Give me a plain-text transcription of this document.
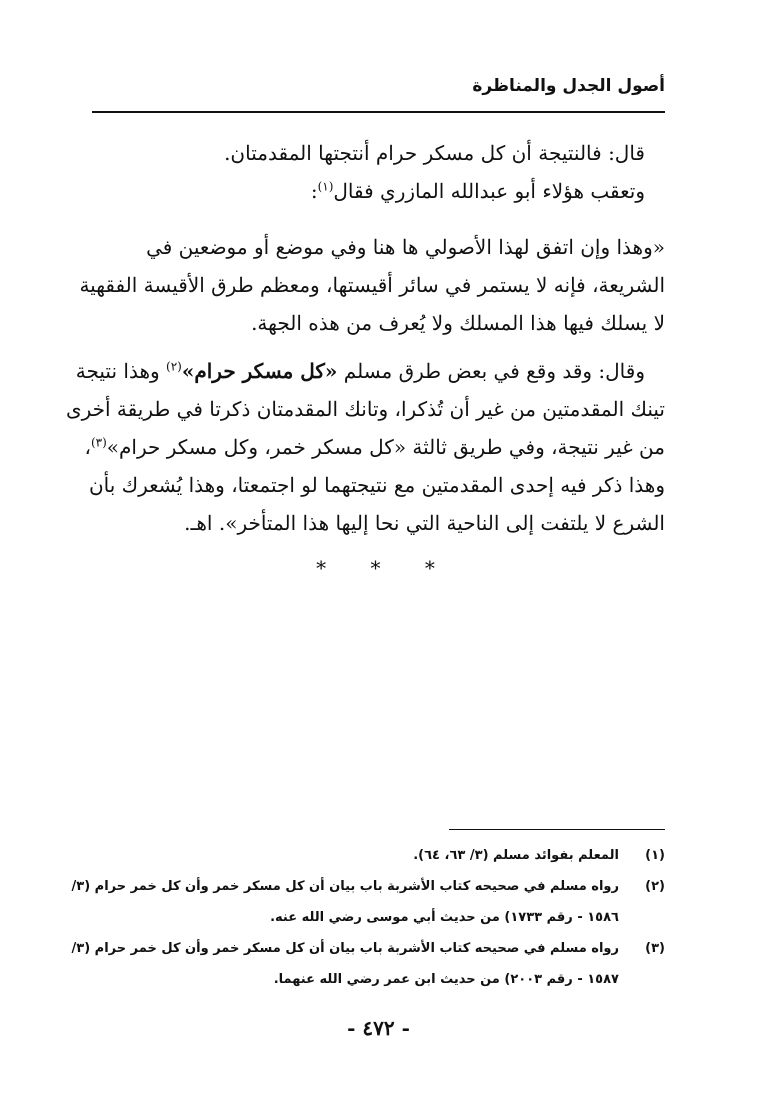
أصول الجدل والمناظرة
قال: فالنتيجة أن كل مسكر حرام أنتجتها المقدمتان.
وتعقب هؤلاء أبو عبدالله المازري فقال$^{(١)}$:
«وهذا وإن اتفق لهذا الأصولي ها هنا وفي موضع أو موضعين في
الشريعة، فإنه لا يستمر في سائر أقيستها، ومعظم طرق الأقيسة الفقهية
لا يسلك فيها هذا المسلك ولا يُعرف من هذه الجهة.
وقال: وقد وقع في بعض طرق مسلم «كل مسكر حرام»$^{(٢)}$ وهذا نتيجة
تينك المقدمتين من غير أن تُذكرا، وتانك المقدمتان ذكرتا في طريقة أخرى
من غير نتيجة، وفي طريق ثالثة «كل مسكر خمر، وكل مسكر حرام»$^{(٣)}$،
وهذا ذكر فيه إحدى المقدمتين مع نتيجتهما لو اجتمعتا، وهذا يُشعرك بأن
الشرع لا يلتفت إلى الناحية التي نحا إليها هذا المتأخر». اهـ.
* * *
(١)
المعلم بفوائد مسلم (٣/ ٦٣، ٦٤).
(٢)
رواه مسلم في صحيحه كتاب الأشربة باب بيان أن كل مسكر خمر وأن كل خمر حرام (٣/
١٥٨٦ - رقم ١٧٣٣) من حديث أبي موسى رضي الله عنه.
(٣)
رواه مسلم في صحيحه كتاب الأشربة باب بيان أن كل مسكر خمر وأن كل خمر حرام (٣/
١٥٨٧ - رقم ٢٠٠٣) من حديث ابن عمر رضي الله عنهما.
- ٤٧٢ -
